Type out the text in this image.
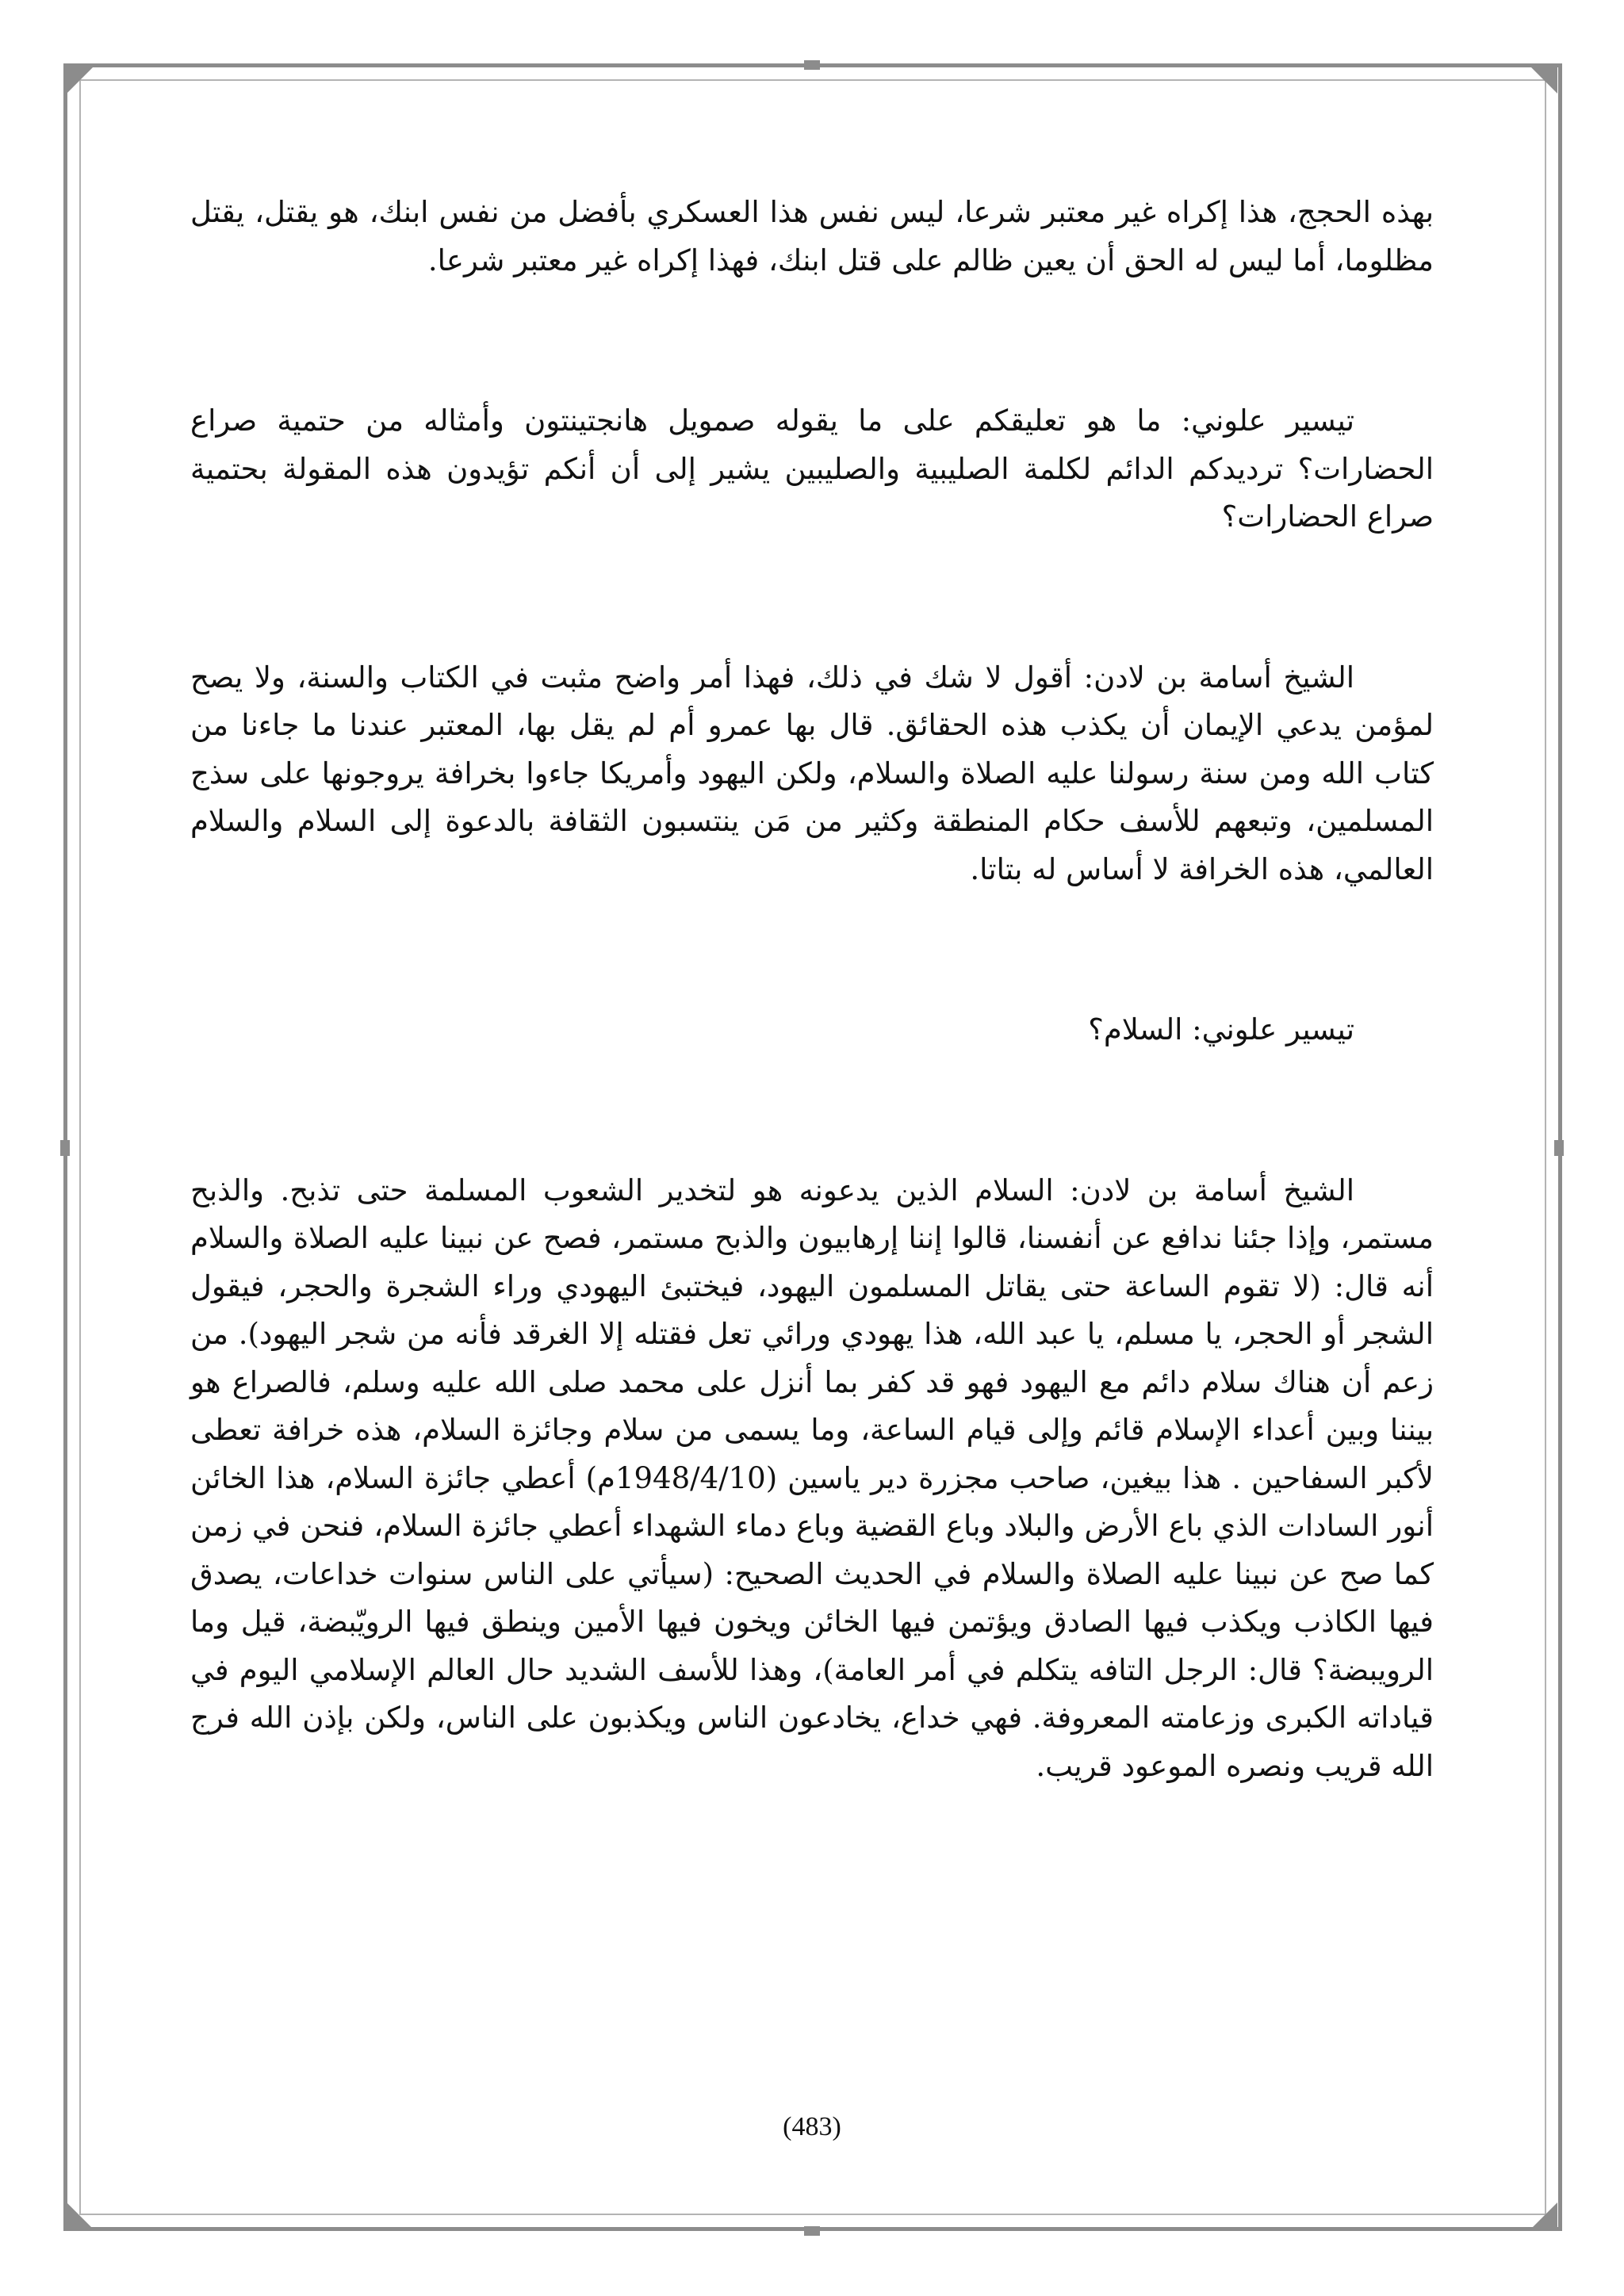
بهذه الحجج، هذا إكراه غير معتبر شرعا، ليس نفس هذا العسكري بأفضل من نفس ابنك، هو يقتل، يقتل مظلوما، أما ليس له الحق أن يعين ظالم على قتل ابنك، فهذا إكراه غير معتبر شرعا.

تيسير علوني: ما هو تعليقكم على ما يقوله صمويل هانجتينتون وأمثاله من حتمية صراع الحضارات؟ ترديدكم الدائم لكلمة الصليبية والصليبين يشير إلى أن أنكم تؤيدون هذه المقولة بحتمية صراع الحضارات؟

الشيخ أسامة بن لادن: أقول لا شك في ذلك، فهذا أمر واضح مثبت في الكتاب والسنة، ولا يصح لمؤمن يدعي الإيمان أن يكذب هذه الحقائق. قال بها عمرو أم لم يقل بها، المعتبر عندنا ما جاءنا من كتاب الله ومن سنة رسولنا عليه الصلاة والسلام، ولكن اليهود وأمريكا جاءوا بخرافة يروجونها على سذج المسلمين، وتبعهم للأسف حكام المنطقة وكثير من مَن ينتسبون الثقافة بالدعوة إلى السلام والسلام العالمي، هذه الخرافة لا أساس له بتاتا.

تيسير علوني: السلام؟

الشيخ أسامة بن لادن: السلام الذين يدعونه هو لتخدير الشعوب المسلمة حتى تذبح. والذبح مستمر، وإذا جئنا ندافع عن أنفسنا، قالوا إننا إرهابيون والذبح مستمر، فصح عن نبينا عليه الصلاة والسلام أنه قال: (لا تقوم الساعة حتى يقاتل المسلمون اليهود، فيختبئ اليهودي وراء الشجرة والحجر، فيقول الشجر أو الحجر، يا مسلم، يا عبد الله، هذا يهودي ورائي تعل فقتله إلا الغرقد فأنه من شجر اليهود). من زعم أن هناك سلام دائم مع اليهود فهو قد كفر بما أنزل على محمد صلى الله عليه وسلم، فالصراع هو بيننا وبين أعداء الإسلام قائم وإلى قيام الساعة، وما يسمى من سلام وجائزة السلام، هذه خرافة تعطى لأكبر السفاحين . هذا بيغين، صاحب مجزرة دير ياسين (1948/4/10م) أعطي جائزة السلام، هذا الخائن أنور السادات الذي باع الأرض والبلاد وباع القضية وباع دماء الشهداء أعطي جائزة السلام، فنحن في زمن كما صح عن نبينا عليه الصلاة والسلام في الحديث الصحيح: (سيأتي على الناس سنوات خداعات، يصدق فيها الكاذب ويكذب فيها الصادق ويؤتمن فيها الخائن ويخون فيها الأمين وينطق فيها الرويّبضة، قيل وما الرويبضة؟ قال: الرجل التافه يتكلم في أمر العامة)، وهذا للأسف الشديد حال العالم الإسلامي اليوم في قياداته الكبرى وزعامته المعروفة. فهي خداع، يخادعون الناس ويكذبون على الناس، ولكن بإذن الله فرج الله قريب ونصره الموعود قريب.

(483)
